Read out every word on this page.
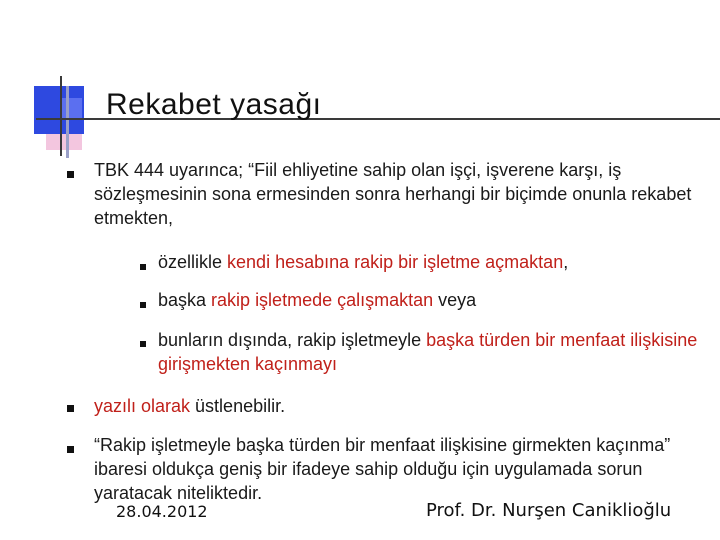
Rekabet yasağı
TBK 444 uyarınca; “Fiil ehliyetine sahip olan işçi, işverene karşı, iş sözleşmesinin sona ermesinden sonra herhangi bir biçimde onunla rekabet etmekten,
özellikle kendi hesabına rakip bir işletme açmaktan,
başka rakip işletmede çalışmaktan veya
bunların dışında, rakip işletmeyle başka türden bir menfaat ilişkisine girişmekten kaçınmayı
yazılı olarak üstlenebilir.
“Rakip işletmeyle başka türden bir menfaat ilişkisine girmekten kaçınma” ibaresi oldukça geniş bir ifadeye sahip olduğu için uygulamada sorun yaratacak niteliktedir.
28.04.2012	Prof. Dr. Nurşen Caniklioğlu
